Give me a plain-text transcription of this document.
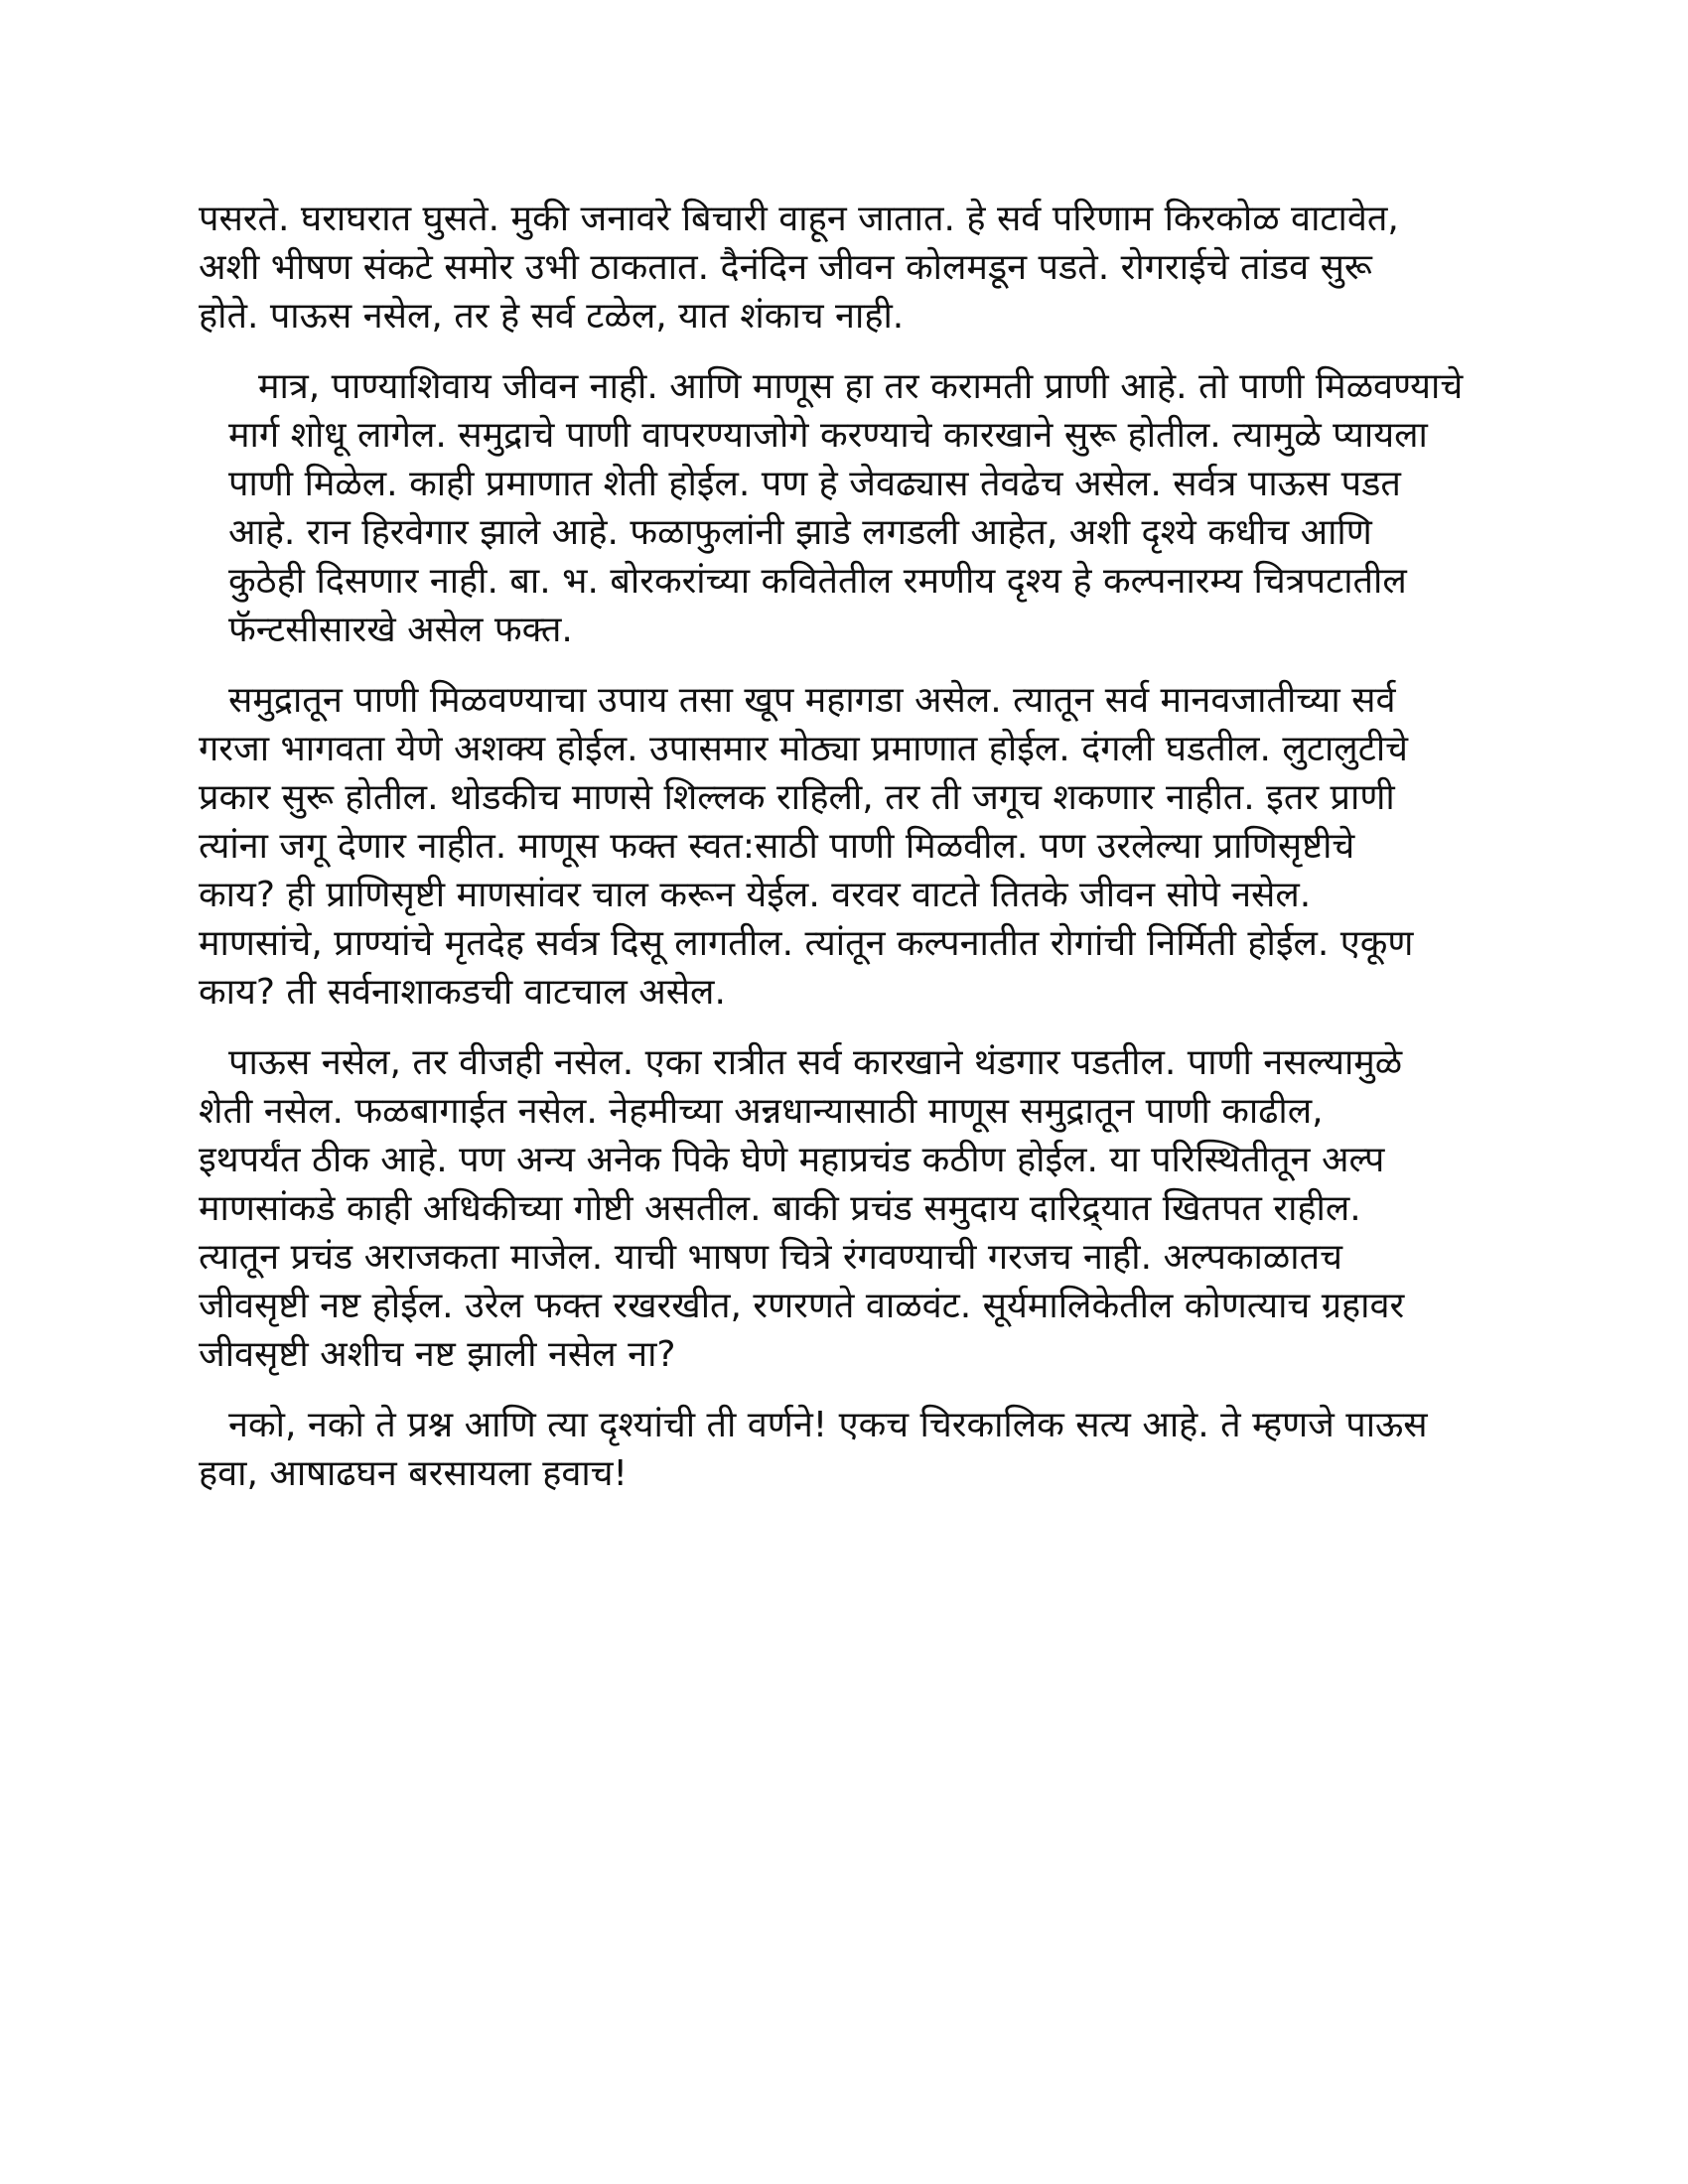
पसरते. घराघरात घुसते. मुकी जनावरे बिचारी वाहून जातात. हे सर्व परिणाम किरकोळ वाटावेत,
अशी भीषण संकटे समोर उभी ठाकतात. दैनंदिन जीवन कोलमडून पडते. रोगराईचे तांडव सुरू
होते. पाऊस नसेल, तर हे सर्व टळेल, यात शंकाच नाही.

मात्र, पाण्याशिवाय जीवन नाही. आणि माणूस हा तर करामती प्राणी आहे. तो पाणी मिळवण्याचे
मार्ग शोधू लागेल. समुद्राचे पाणी वापरण्याजोगे करण्याचे कारखाने सुरू होतील. त्यामुळे प्यायला
पाणी मिळेल. काही प्रमाणात शेती होईल. पण हे जेवढ्यास तेवढेच असेल. सर्वत्र पाऊस पडत
आहे. रान हिरवेगार झाले आहे. फळाफुलांनी झाडे लगडली आहेत, अशी दृश्ये कधीच आणि
कुठेही दिसणार नाही. बा. भ. बोरकरांच्या कवितेतील रमणीय दृश्य हे कल्पनारम्य चित्रपटातील
फॅन्टसीसारखे असेल फक्त.

समुद्रातून पाणी मिळवण्याचा उपाय तसा खूप महागडा असेल. त्यातून सर्व मानवजातीच्या सर्व
गरजा भागवता येणे अशक्य होईल. उपासमार मोठ्या प्रमाणात होईल. दंगली घडतील. लुटालुटीचे
प्रकार सुरू होतील. थोडकीच माणसे शिल्लक राहिली, तर ती जगूच शकणार नाहीत. इतर प्राणी
त्यांना जगू देणार नाहीत. माणूस फक्त स्वत:साठी पाणी मिळवील. पण उरलेल्या प्राणिसृष्टीचे
काय? ही प्राणिसृष्टी माणसांवर चाल करून येईल. वरवर वाटते तितके जीवन सोपे नसेल.
माणसांचे, प्राण्यांचे मृतदेह सर्वत्र दिसू लागतील. त्यांतून कल्पनातीत रोगांची निर्मिती होईल. एकूण
काय? ती सर्वनाशाकडची वाटचाल असेल.

पाऊस नसेल, तर वीजही नसेल. एका रात्रीत सर्व कारखाने थंडगार पडतील. पाणी नसल्यामुळे
शेती नसेल. फळबागाईत नसेल. नेहमीच्या अन्नधान्यासाठी माणूस समुद्रातून पाणी काढील,
इथपर्यंत ठीक आहे. पण अन्य अनेक पिके घेणे महाप्रचंड कठीण होईल. या परिस्थितीतून अल्प
माणसांकडे काही अधिकीच्या गोष्टी असतील. बाकी प्रचंड समुदाय दारिद्र्यात खितपत राहील.
त्यातून प्रचंड अराजकता माजेल. याची भाषण चित्रे रंगवण्याची गरजच नाही. अल्पकाळातच
जीवसृष्टी नष्ट होईल. उरेल फक्त रखरखीत, रणरणते वाळवंट. सूर्यमालिकेतील कोणत्याच ग्रहावर
जीवसृष्टी अशीच नष्ट झाली नसेल ना?

नको, नको ते प्रश्न आणि त्या दृश्यांची ती वर्णने! एकच चिरकालिक सत्य आहे. ते म्हणजे पाऊस
हवा, आषाढघन बरसायला हवाच!
